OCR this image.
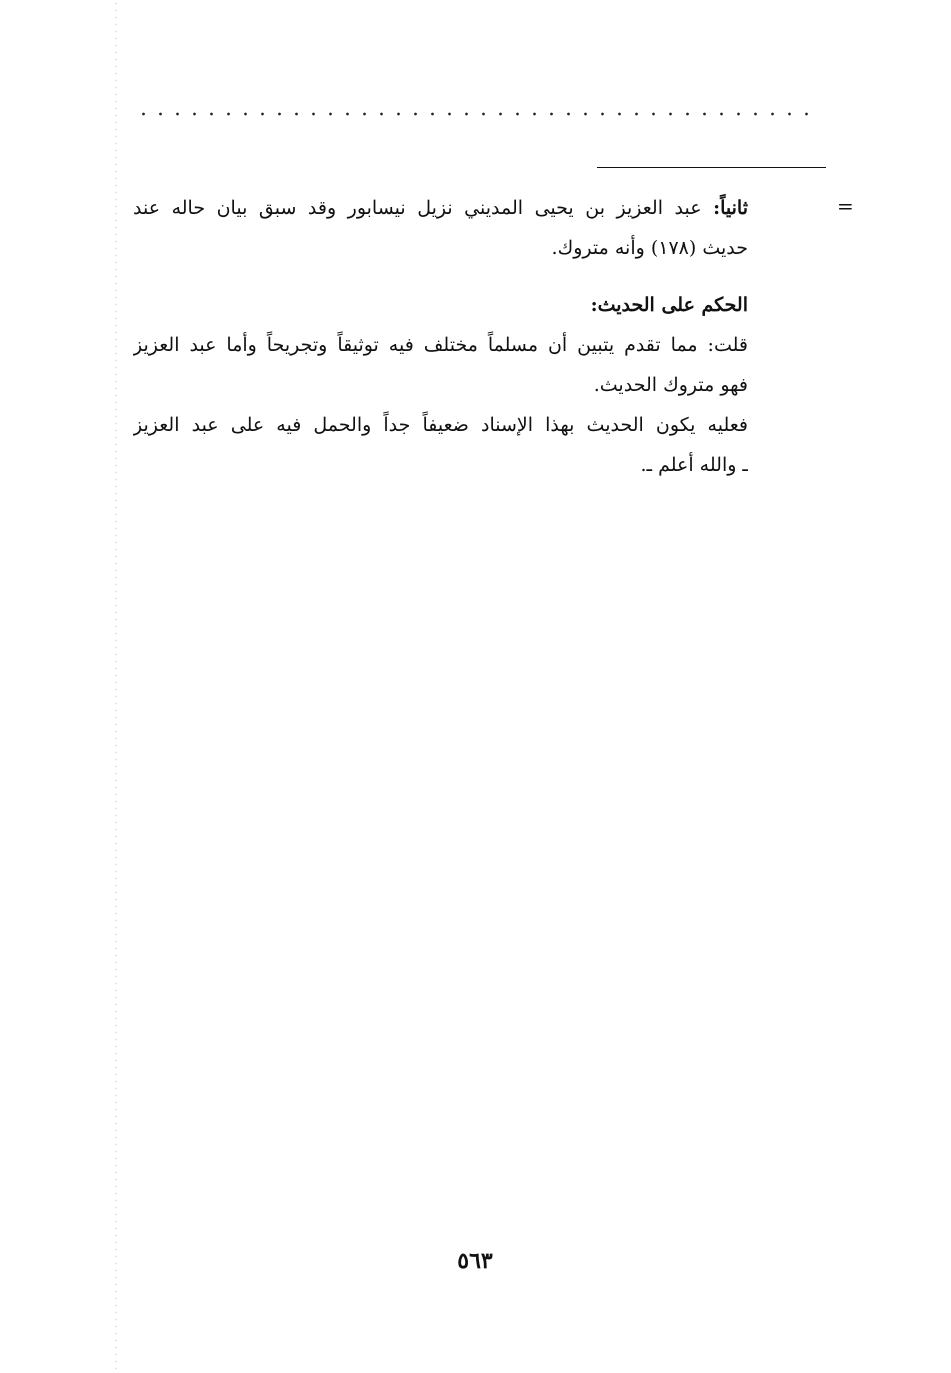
=
ثانياً: عبد العزيز بن يحيى المديني نزيل نيسابور وقد سبق بيان حاله عند
حديث (١٧٨) وأنه متروك.
الحكم على الحديث:
قلت: مما تقدم يتبين أن مسلماً مختلف فيه توثيقاً وتجريحاً وأما عبد العزيز
فهو متروك الحديث.
فعليه يكون الحديث بهذا الإسناد ضعيفاً جداً والحمل فيه على عبد العزيز
ـ والله أعلم ـ.
٥٦٣
